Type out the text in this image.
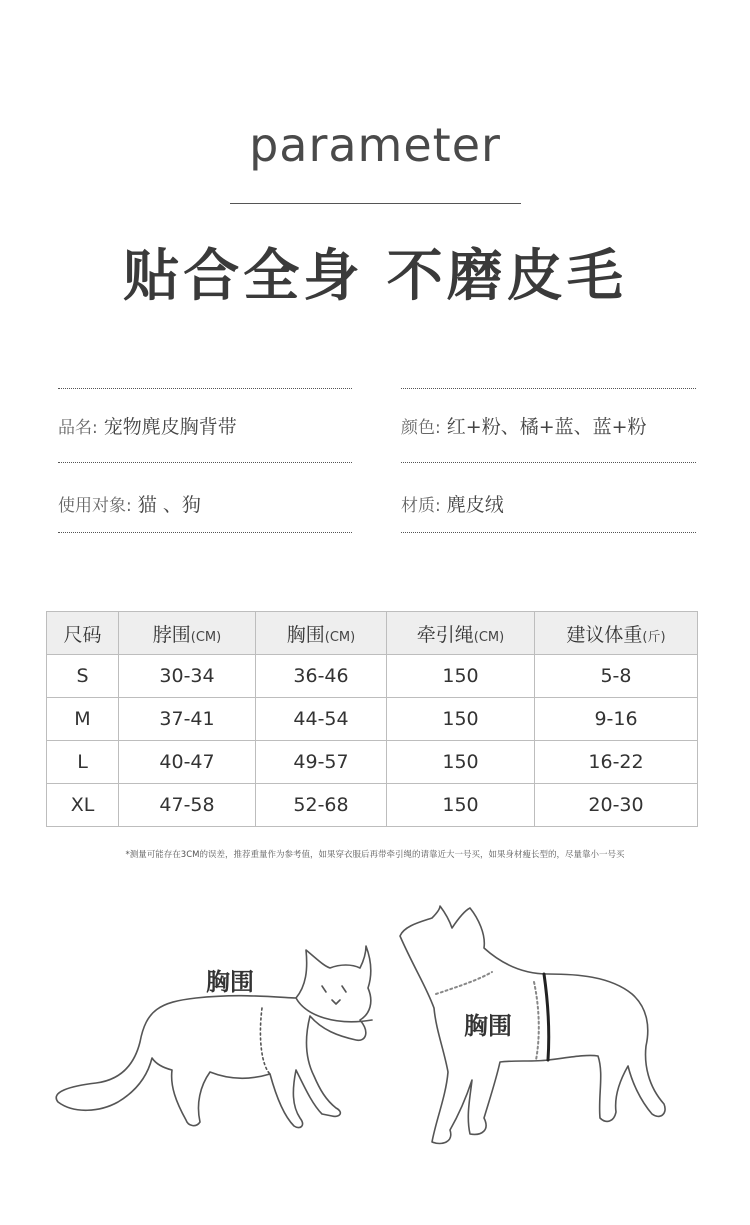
parameter
贴合全身 不磨皮毛
品名: 宠物麂皮胸背带	颜色: 红+粉、橘+蓝、蓝+粉
使用对象: 猫 、狗	材质: 麂皮绒
尺码	脖围(CM)	胸围(CM)	牵引绳(CM)	建议体重(斤)
S	30-34	36-46	150	5-8
M	37-41	44-54	150	9-16
L	40-47	49-57	150	16-22
XL	47-58	52-68	150	20-30
*测量可能存在3CM的误差，推荐重量作为参考值，如果穿衣服后再带牵引绳的请靠近大一号买，如果身材瘦长型的，尽量靠小一号买
胸围
胸围
